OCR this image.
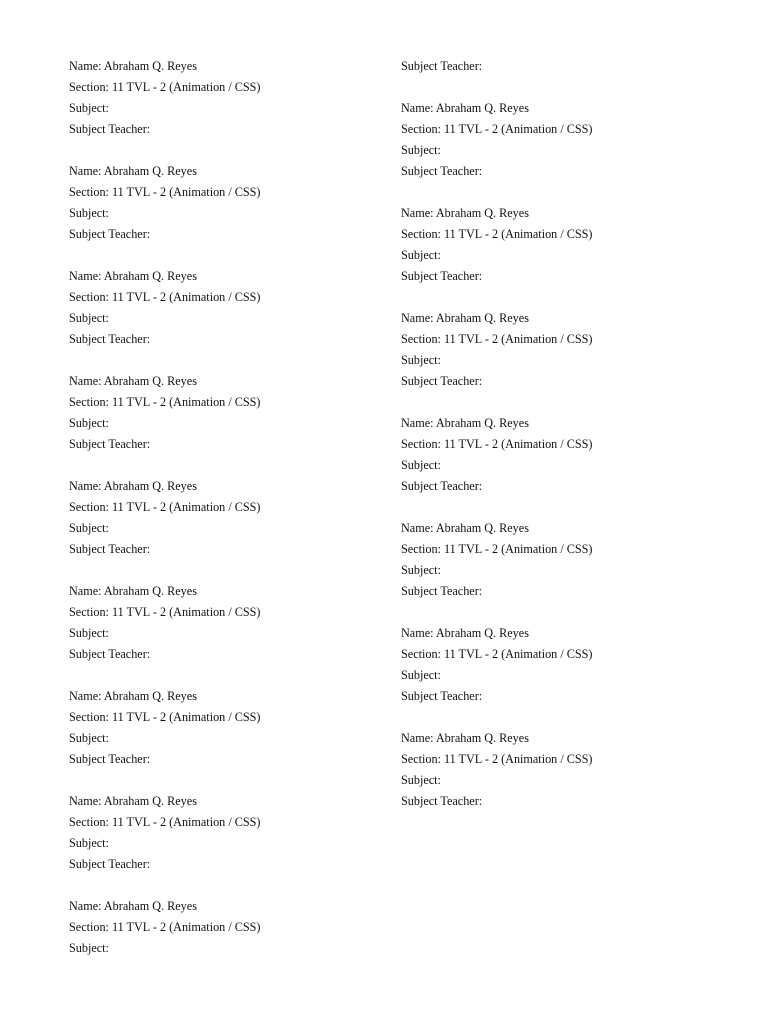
Name: Abraham Q. Reyes
Section: 11 TVL - 2 (Animation / CSS)
Subject:
Subject Teacher:
Name: Abraham Q. Reyes
Section: 11 TVL - 2 (Animation / CSS)
Subject:
Subject Teacher:
Name: Abraham Q. Reyes
Section: 11 TVL - 2 (Animation / CSS)
Subject:
Subject Teacher:
Name: Abraham Q. Reyes
Section: 11 TVL - 2 (Animation / CSS)
Subject:
Subject Teacher:
Name: Abraham Q. Reyes
Section: 11 TVL - 2 (Animation / CSS)
Subject:
Subject Teacher:
Name: Abraham Q. Reyes
Section: 11 TVL - 2 (Animation / CSS)
Subject:
Subject Teacher:
Name: Abraham Q. Reyes
Section: 11 TVL - 2 (Animation / CSS)
Subject:
Subject Teacher:
Name: Abraham Q. Reyes
Section: 11 TVL - 2 (Animation / CSS)
Subject:
Subject Teacher:
Name: Abraham Q. Reyes
Section: 11 TVL - 2 (Animation / CSS)
Subject:
Subject Teacher:
Name: Abraham Q. Reyes
Section: 11 TVL - 2 (Animation / CSS)
Subject:
Subject Teacher:
Name: Abraham Q. Reyes
Section: 11 TVL - 2 (Animation / CSS)
Subject:
Subject Teacher:
Name: Abraham Q. Reyes
Section: 11 TVL - 2 (Animation / CSS)
Subject:
Subject Teacher:
Name: Abraham Q. Reyes
Section: 11 TVL - 2 (Animation / CSS)
Subject:
Subject Teacher:
Name: Abraham Q. Reyes
Section: 11 TVL - 2 (Animation / CSS)
Subject:
Subject Teacher:
Name: Abraham Q. Reyes
Section: 11 TVL - 2 (Animation / CSS)
Subject:
Subject Teacher:
Name: Abraham Q. Reyes
Section: 11 TVL - 2 (Animation / CSS)
Subject:
Subject Teacher:
